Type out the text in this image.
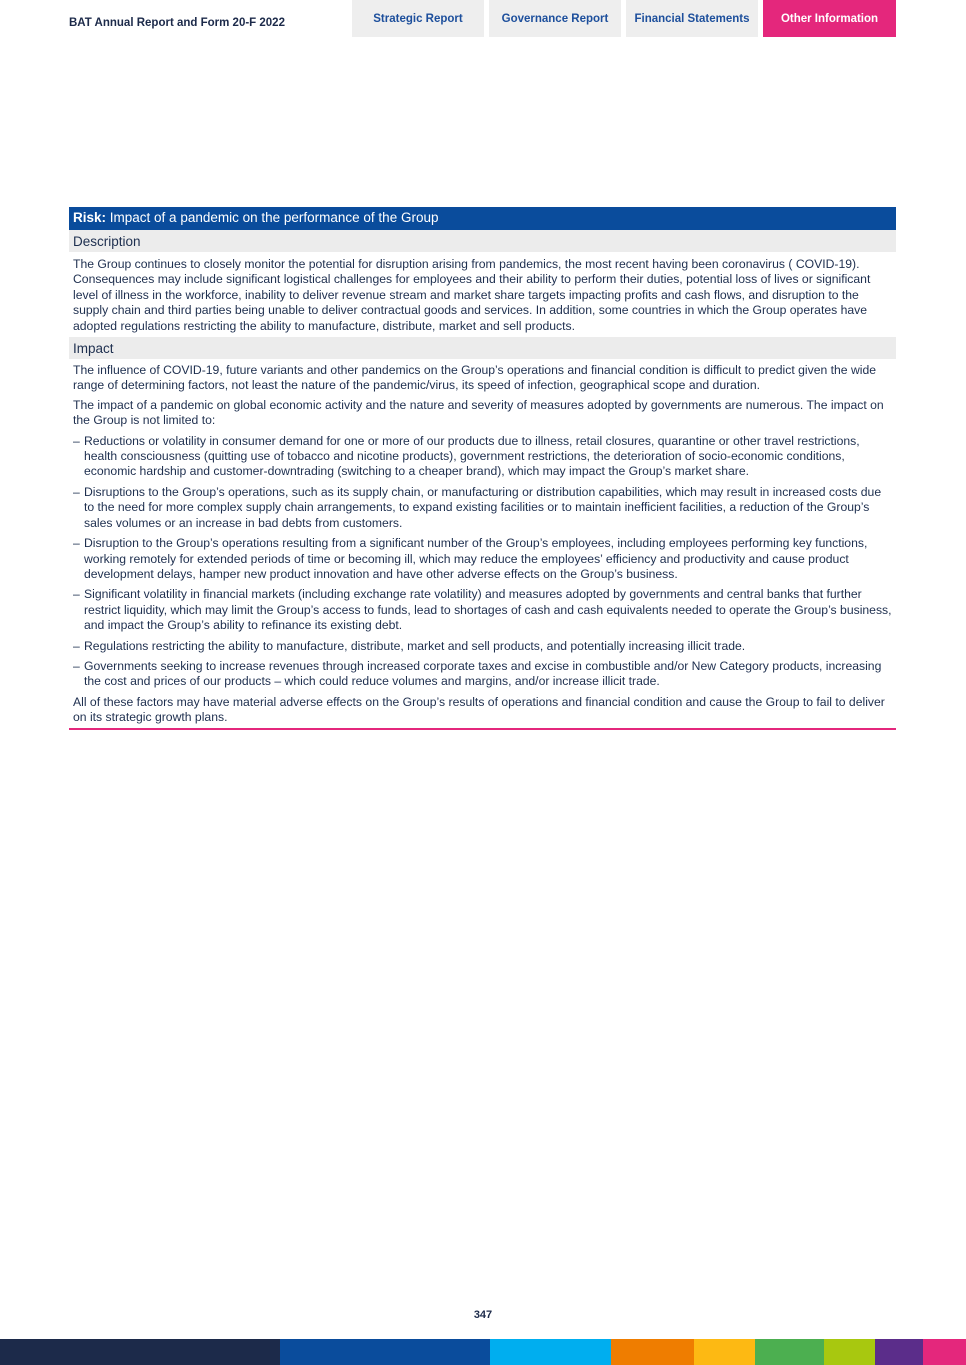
BAT Annual Report and Form 20-F 2022	Strategic Report	Governance Report	Financial Statements	Other Information
Risk: Impact of a pandemic on the performance of the Group
Description

The Group continues to closely monitor the potential for disruption arising from pandemics, the most recent having been coronavirus ( COVID-19). Consequences may include significant logistical challenges for employees and their ability to perform their duties, potential loss of lives or significant level of illness in the workforce, inability to deliver revenue stream and market share targets impacting profits and cash flows, and disruption to the supply chain and third parties being unable to deliver contractual goods and services. In addition, some countries in which the Group operates have adopted regulations restricting the ability to manufacture, distribute, market and sell products.

Impact

The influence of COVID-19, future variants and other pandemics on the Group’s operations and financial condition is difficult to predict given the wide range of determining factors, not least the nature of the pandemic/virus, its speed of infection, geographical scope and duration.

The impact of a pandemic on global economic activity and the nature and severity of measures adopted by governments are numerous. The impact on the Group is not limited to:

– Reductions or volatility in consumer demand for one or more of our products due to illness, retail closures, quarantine or other travel restrictions, health consciousness (quitting use of tobacco and nicotine products), government restrictions, the deterioration of socio-economic conditions, economic hardship and customer-downtrading (switching to a cheaper brand), which may impact the Group’s market share.
– Disruptions to the Group’s operations, such as its supply chain, or manufacturing or distribution capabilities, which may result in increased costs due to the need for more complex supply chain arrangements, to expand existing facilities or to maintain inefficient facilities, a reduction of the Group’s sales volumes or an increase in bad debts from customers.
– Disruption to the Group’s operations resulting from a significant number of the Group’s employees, including employees performing key functions, working remotely for extended periods of time or becoming ill, which may reduce the employees’ efficiency and productivity and cause product development delays, hamper new product innovation and have other adverse effects on the Group’s business.
– Significant volatility in financial markets (including exchange rate volatility) and measures adopted by governments and central banks that further restrict liquidity, which may limit the Group’s access to funds, lead to shortages of cash and cash equivalents needed to operate the Group’s business, and impact the Group’s ability to refinance its existing debt.
– Regulations restricting the ability to manufacture, distribute, market and sell products, and potentially increasing illicit trade.
– Governments seeking to increase revenues through increased corporate taxes and excise in combustible and/or New Category products, increasing the cost and prices of our products – which could reduce volumes and margins, and/or increase illicit trade.

All of these factors may have material adverse effects on the Group’s results of operations and financial condition and cause the Group to fail to deliver on its strategic growth plans.

347
